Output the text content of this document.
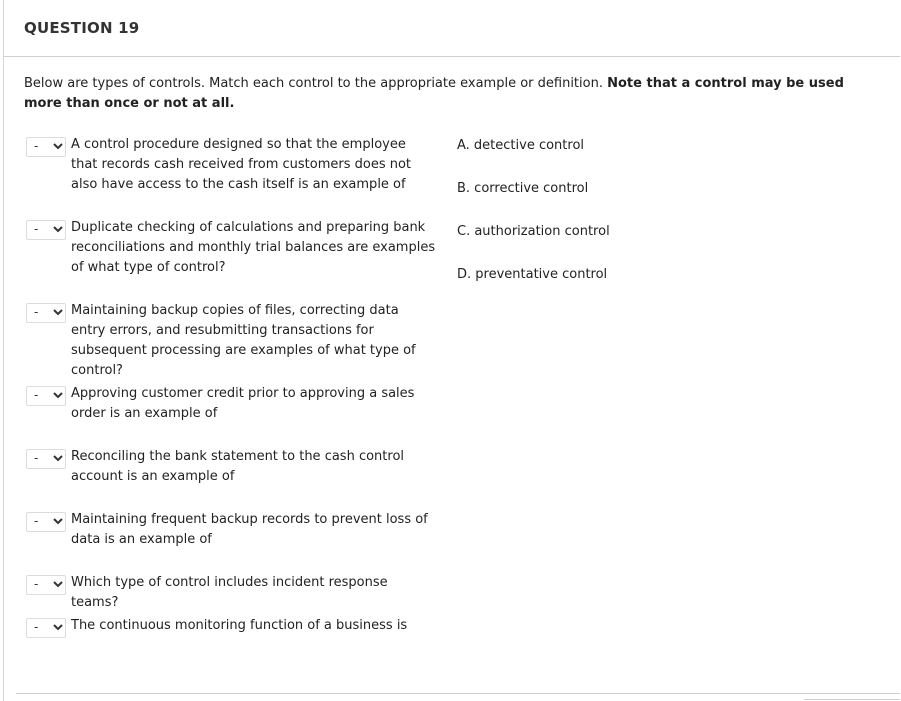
QUESTION 19
Below are types of controls. Match each control to the appropriate example or definition. Note that a control may be used more than once or not at all.
-	A control procedure designed so that the employee that records cash received from customers does not also have access to the cash itself is an example of
-	Duplicate checking of calculations and preparing bank reconciliations and monthly trial balances are examples of what type of control?
-	Maintaining backup copies of files, correcting data entry errors, and resubmitting transactions for subsequent processing are examples of what type of control?
-	Approving customer credit prior to approving a sales order is an example of
-	Reconciling the bank statement to the cash control account is an example of
-	Maintaining frequent backup records to prevent loss of data is an example of
-	Which type of control includes incident response teams?
-	The continuous monitoring function of a business is
A. detective control
B. corrective control
C. authorization control
D. preventative control
